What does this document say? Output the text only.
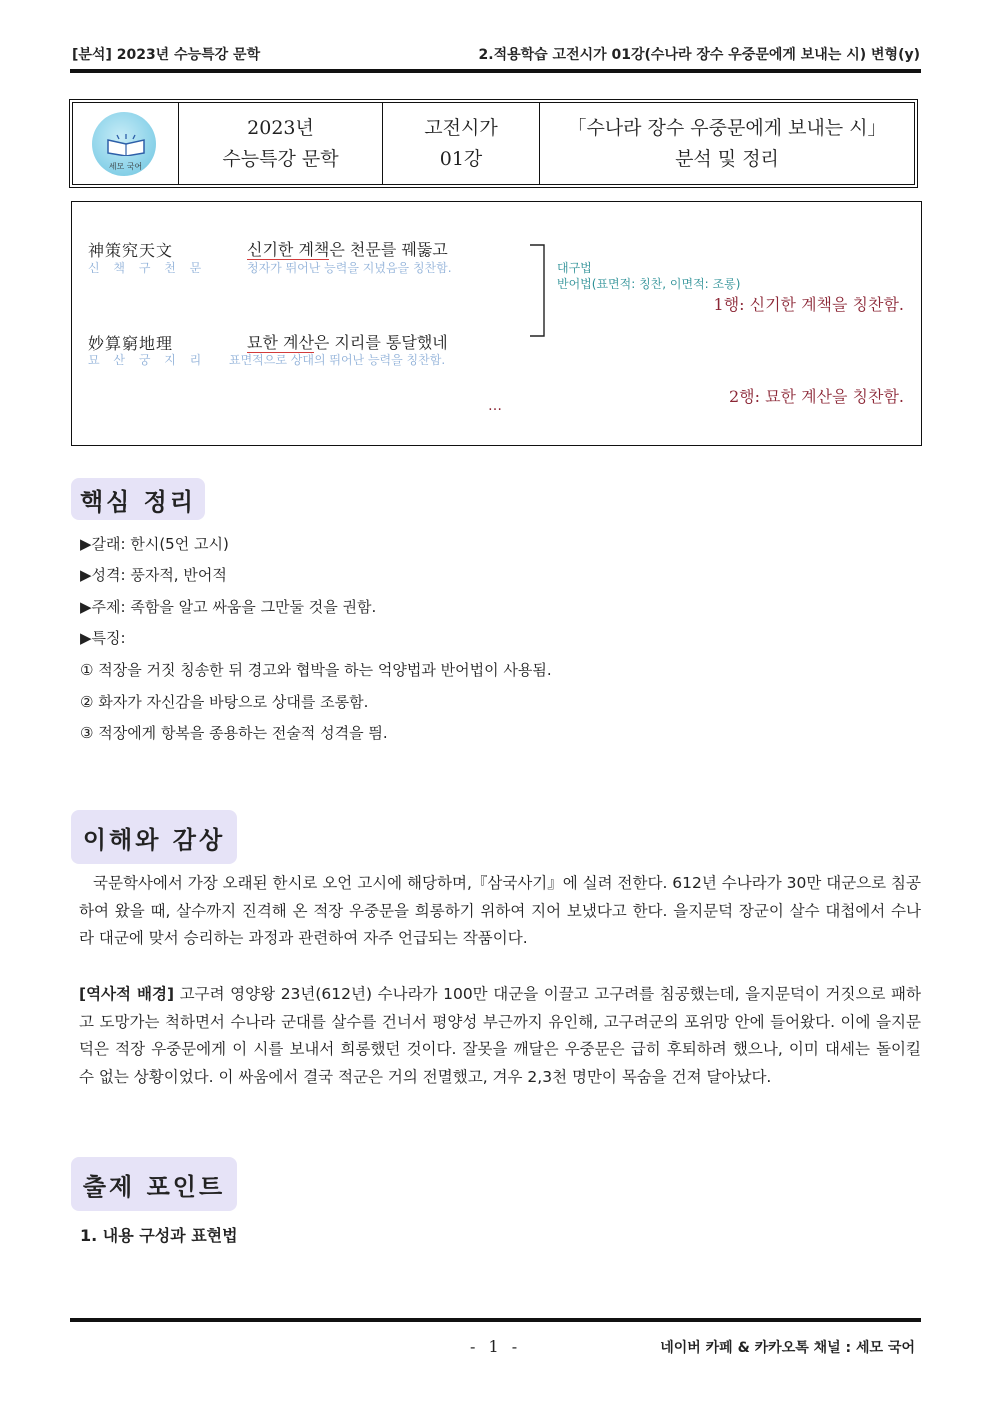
[분석] 2023년 수능특강 문학	2.적용학습 고전시가 01강(수나라 장수 우중문에게 보내는 시) 변형(y)
세모 국어
2023년
수능특강 문학
고전시가
01강
「수나라 장수 우중문에게 보내는 시」
분석 및 정리
神策究天文
신 책 구 천 문
신기한 계책은 천문를 꿰뚫고
청자가 뛰어난 능력을 지녔음을 칭찬함.
妙算窮地理
묘 산 궁 지 리
묘한 계산은 지리를 통달했네
표면적으로 상대의 뛰어난 능력을 칭찬함.
대구법
반어법(표면적: 칭찬, 이면적: 조롱)
1행: 신기한 계책을 칭찬함.
2행: 묘한 계산을 칭찬함.
…
핵심 정리
▶갈래: 한시(5언 고시)
▶성격: 풍자적, 반어적
▶주제: 족함을 알고 싸움을 그만둘 것을 권함.
▶특징:
① 적장을 거짓 칭송한 뒤 경고와 협박을 하는 억양법과 반어법이 사용됨.
② 화자가 자신감을 바탕으로 상대를 조롱함.
③ 적장에게 항복을 종용하는 전술적 성격을 띔.
이해와 감상
국문학사에서 가장 오래된 한시로 오언 고시에 해당하며,『삼국사기』에 실려 전한다. 612년 수나라가 30만 대군으로 침공하여 왔을 때, 살수까지 진격해 온 적장 우중문을 희롱하기 위하여 지어 보냈다고 한다. 을지문덕 장군이 살수 대첩에서 수나라 대군에 맞서 승리하는 과정과 관련하여 자주 언급되는 작품이다.
[역사적 배경] 고구려 영양왕 23년(612년) 수나라가 100만 대군을 이끌고 고구려를 침공했는데, 을지문덕이 거짓으로 패하고 도망가는 척하면서 수나라 군대를 살수를 건너서 평양성 부근까지 유인해, 고구려군의 포위망 안에 들어왔다. 이에 을지문덕은 적장 우중문에게 이 시를 보내서 희롱했던 것이다. 잘못을 깨달은 우중문은 급히 후퇴하려 했으나, 이미 대세는 돌이킬 수 없는 상황이었다. 이 싸움에서 결국 적군은 거의 전멸했고, 겨우 2,3천 명만이 목숨을 건져 달아났다.
출제 포인트
1. 내용 구성과 표현법
- 1 -	네이버 카페 & 카카오톡 채널 : 세모 국어
